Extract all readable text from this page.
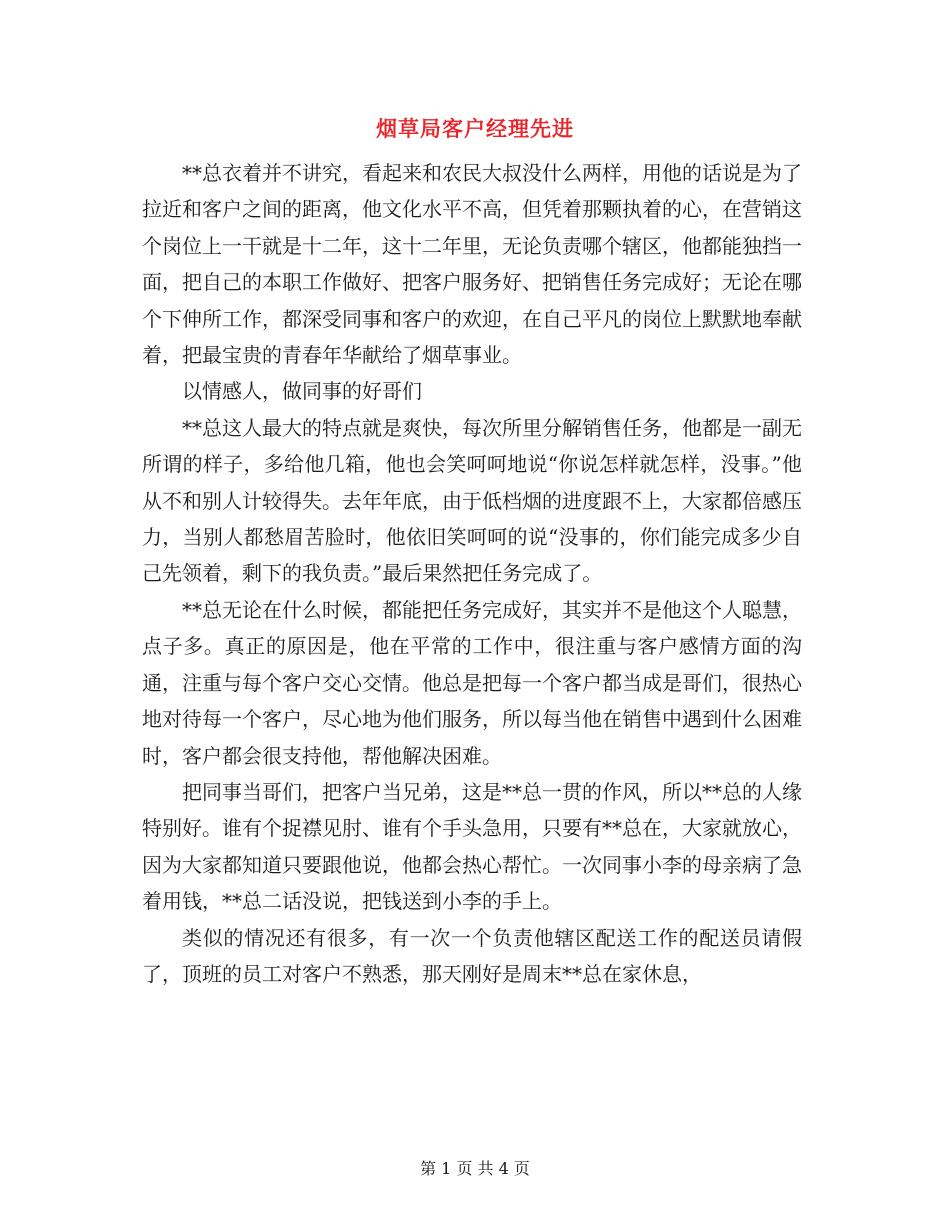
烟草局客户经理先进

**总衣着并不讲究，看起来和农民大叔没什么两样，用他的话说是为了拉近和客户之间的距离，他文化水平不高，但凭着那颗执着的心，在营销这个岗位上一干就是十二年，这十二年里，无论负责哪个辖区，他都能独挡一面，把自己的本职工作做好、把客户服务好、把销售任务完成好；无论在哪个下伸所工作，都深受同事和客户的欢迎，在自己平凡的岗位上默默地奉献着，把最宝贵的青春年华献给了烟草事业。

以情感人，做同事的好哥们

**总这人最大的特点就是爽快，每次所里分解销售任务，他都是一副无所谓的样子，多给他几箱，他也会笑呵呵地说“你说怎样就怎样，没事。”他从不和别人计较得失。去年年底，由于低档烟的进度跟不上，大家都倍感压力，当别人都愁眉苦脸时，他依旧笑呵呵的说“没事的，你们能完成多少自己先领着，剩下的我负责。”最后果然把任务完成了。

**总无论在什么时候，都能把任务完成好，其实并不是他这个人聪慧，点子多。真正的原因是，他在平常的工作中，很注重与客户感情方面的沟通，注重与每个客户交心交情。他总是把每一个客户都当成是哥们，很热心地对待每一个客户，尽心地为他们服务，所以每当他在销售中遇到什么困难时，客户都会很支持他，帮他解决困难。

把同事当哥们，把客户当兄弟，这是**总一贯的作风，所以**总的人缘特别好。谁有个捉襟见肘、谁有个手头急用，只要有**总在，大家就放心，因为大家都知道只要跟他说，他都会热心帮忙。一次同事小李的母亲病了急着用钱，**总二话没说，把钱送到小李的手上。

类似的情况还有很多，有一次一个负责他辖区配送工作的配送员请假了，顶班的员工对客户不熟悉，那天刚好是周末**总在家休息，

第 1 页 共 4 页
